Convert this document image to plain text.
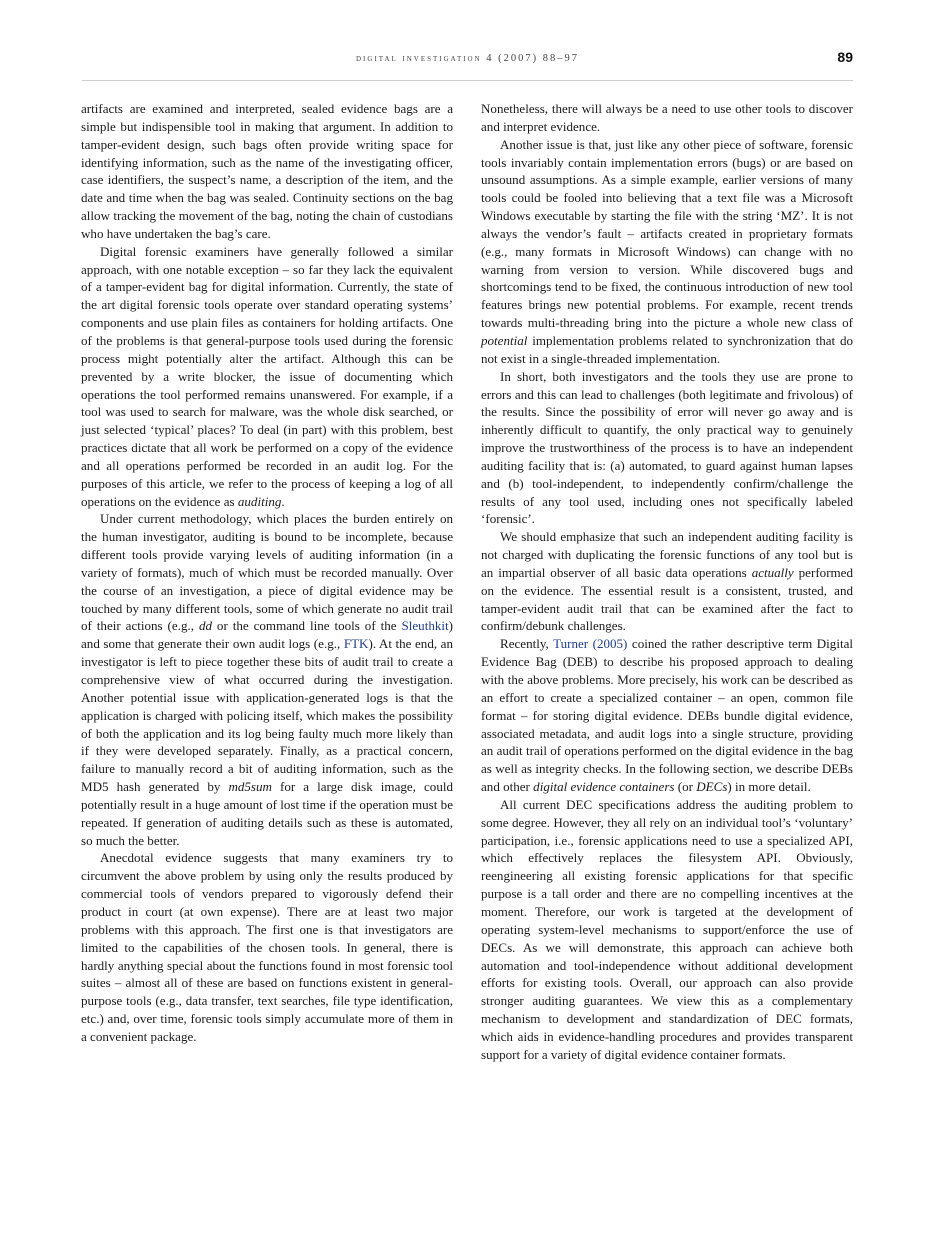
digital investigation 4 (2007) 88–97	89

artifacts are examined and interpreted, sealed evidence bags are a simple but indispensible tool in making that argument. In addition to tamper-evident design, such bags often provide writing space for identifying information, such as the name of the investigating officer, case identifiers, the suspect’s name, a description of the item, and the date and time when the bag was sealed. Continuity sections on the bag allow tracking the movement of the bag, noting the chain of custodians who have undertaken the bag’s care.

Digital forensic examiners have generally followed a similar approach, with one notable exception – so far they lack the equivalent of a tamper-evident bag for digital information. Currently, the state of the art digital forensic tools operate over standard operating systems’ components and use plain files as containers for holding artifacts. One of the problems is that general-purpose tools used during the forensic process might potentially alter the artifact. Although this can be prevented by a write blocker, the issue of documenting which operations the tool performed remains unanswered. For example, if a tool was used to search for malware, was the whole disk searched, or just selected ‘typical’ places? To deal (in part) with this problem, best practices dictate that all work be performed on a copy of the evidence and all operations performed be recorded in an audit log. For the purposes of this article, we refer to the process of keeping a log of all operations on the evidence as auditing.

Under current methodology, which places the burden entirely on the human investigator, auditing is bound to be incomplete, because different tools provide varying levels of auditing information (in a variety of formats), much of which must be recorded manually. Over the course of an investigation, a piece of digital evidence may be touched by many different tools, some of which generate no audit trail of their actions (e.g., dd or the command line tools of the Sleuthkit) and some that generate their own audit logs (e.g., FTK). At the end, an investigator is left to piece together these bits of audit trail to create a comprehensive view of what occurred during the investigation. Another potential issue with application-generated logs is that the application is charged with policing itself, which makes the possibility of both the application and its log being faulty much more likely than if they were developed separately. Finally, as a practical concern, failure to manually record a bit of auditing information, such as the MD5 hash generated by md5sum for a large disk image, could potentially result in a huge amount of lost time if the operation must be repeated. If generation of auditing details such as these is automated, so much the better.

Anecdotal evidence suggests that many examiners try to circumvent the above problem by using only the results produced by commercial tools of vendors prepared to vigorously defend their product in court (at own expense). There are at least two major problems with this approach. The first one is that investigators are limited to the capabilities of the chosen tools. In general, there is hardly anything special about the functions found in most forensic tool suites – almost all of these are based on functions existent in general-purpose tools (e.g., data transfer, text searches, file type identification, etc.) and, over time, forensic tools simply accumulate more of them in a convenient package.

Nonetheless, there will always be a need to use other tools to discover and interpret evidence.

Another issue is that, just like any other piece of software, forensic tools invariably contain implementation errors (bugs) or are based on unsound assumptions. As a simple example, earlier versions of many tools could be fooled into believing that a text file was a Microsoft Windows executable by starting the file with the string ‘MZ’. It is not always the vendor’s fault – artifacts created in proprietary formats (e.g., many formats in Microsoft Windows) can change with no warning from version to version. While discovered bugs and shortcomings tend to be fixed, the continuous introduction of new tool features brings new potential problems. For example, recent trends towards multi-threading bring into the picture a whole new class of potential implementation problems related to synchronization that do not exist in a single-threaded implementation.

In short, both investigators and the tools they use are prone to errors and this can lead to challenges (both legitimate and frivolous) of the results. Since the possibility of error will never go away and is inherently difficult to quantify, the only practical way to genuinely improve the trustworthiness of the process is to have an independent auditing facility that is: (a) automated, to guard against human lapses and (b) tool-independent, to independently confirm/challenge the results of any tool used, including ones not specifically labeled ‘forensic’.

We should emphasize that such an independent auditing facility is not charged with duplicating the forensic functions of any tool but is an impartial observer of all basic data operations actually performed on the evidence. The essential result is a consistent, trusted, and tamper-evident audit trail that can be examined after the fact to confirm/debunk challenges.

Recently, Turner (2005) coined the rather descriptive term Digital Evidence Bag (DEB) to describe his proposed approach to dealing with the above problems. More precisely, his work can be described as an effort to create a specialized container – an open, common file format – for storing digital evidence. DEBs bundle digital evidence, associated metadata, and audit logs into a single structure, providing an audit trail of operations performed on the digital evidence in the bag as well as integrity checks. In the following section, we describe DEBs and other digital evidence containers (or DECs) in more detail.

All current DEC specifications address the auditing problem to some degree. However, they all rely on an individual tool’s ‘voluntary’ participation, i.e., forensic applications need to use a specialized API, which effectively replaces the filesystem API. Obviously, reengineering all existing forensic applications for that specific purpose is a tall order and there are no compelling incentives at the moment. Therefore, our work is targeted at the development of operating system-level mechanisms to support/enforce the use of DECs. As we will demonstrate, this approach can achieve both automation and tool-independence without additional development efforts for existing tools. Overall, our approach can also provide stronger auditing guarantees. We view this as a complementary mechanism to development and standardization of DEC formats, which aids in evidence-handling procedures and provides transparent support for a variety of digital evidence container formats.
